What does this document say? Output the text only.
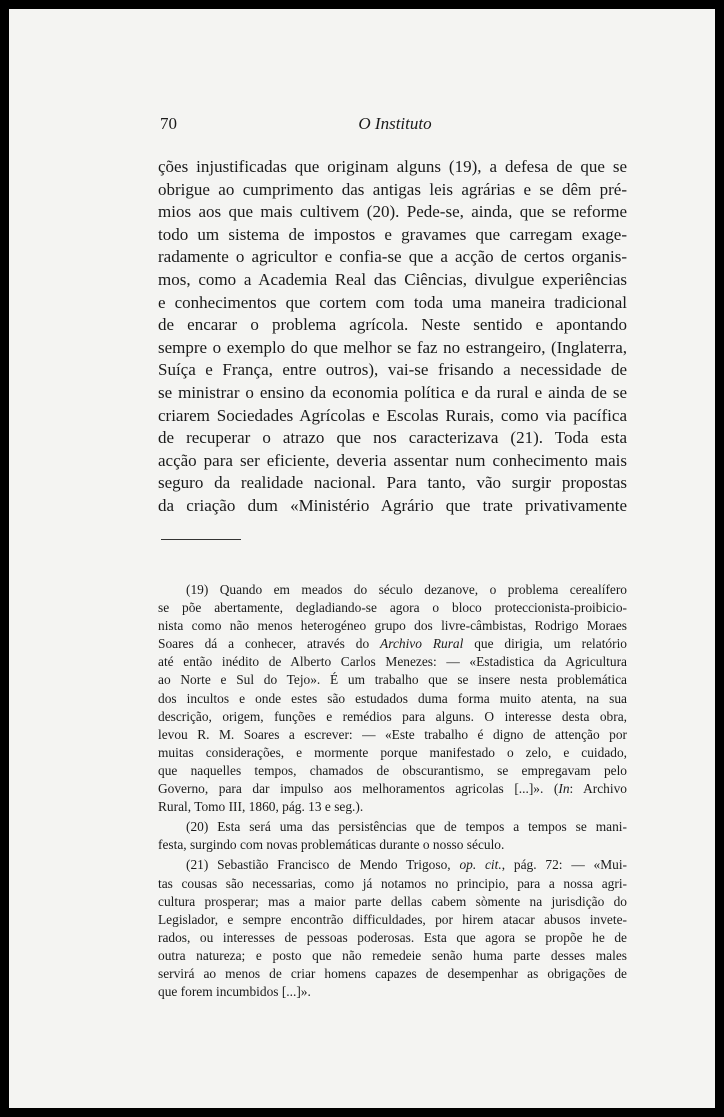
70	O Instituto
ções injustificadas que originam alguns (19), a defesa de que se
obrigue ao cumprimento das antigas leis agrárias e se dêm pré-
mios aos que mais cultivem (20). Pede-se, ainda, que se reforme
todo um sistema de impostos e gravames que carregam exage-
radamente o agricultor e confia-se que a acção de certos organis-
mos, como a Academia Real das Ciências, divulgue experiências
e conhecimentos que cortem com toda uma maneira tradicional
de encarar o problema agrícola. Neste sentido e apontando
sempre o exemplo do que melhor se faz no estrangeiro, (Inglaterra,
Suíça e França, entre outros), vai-se frisando a necessidade de
se ministrar o ensino da economia política e da rural e ainda de se
criarem Sociedades Agrícolas e Escolas Rurais, como via pacífica
de recuperar o atrazo que nos caracterizava (21). Toda esta
acção para ser eficiente, deveria assentar num conhecimento mais
seguro da realidade nacional. Para tanto, vão surgir propostas
da criação dum «Ministério Agrário que trate privativamente
(19) Quando em meados do século dezanove, o problema cerealífero
se põe abertamente, degladiando-se agora o bloco proteccionista-proibicio-
nista como não menos heterogéneo grupo dos livre-câmbistas, Rodrigo Moraes
Soares dá a conhecer, através do Archivo Rural que dirigia, um relatório
até então inédito de Alberto Carlos Menezes: — «Estadistica da Agricultura
ao Norte e Sul do Tejo». É um trabalho que se insere nesta problemática
dos incultos e onde estes são estudados duma forma muito atenta, na sua
descrição, origem, funções e remédios para alguns. O interesse desta obra,
levou R. M. Soares a escrever: — «Este trabalho é digno de attenção por
muitas considerações, e mormente porque manifestado o zelo, e cuidado,
que naquelles tempos, chamados de obscurantismo, se empregavam pelo
Governo, para dar impulso aos melhoramentos agricolas [...]». (In: Archivo
Rural, Tomo III, 1860, pág. 13 e seg.).
(20) Esta será uma das persistências que de tempos a tempos se mani-
festa, surgindo com novas problemáticas durante o nosso século.
(21) Sebastião Francisco de Mendo Trigoso, op. cit., pág. 72: — «Mui-
tas cousas são necessarias, como já notamos no principio, para a nossa agri-
cultura prosperar; mas a maior parte dellas cabem sòmente na jurisdição do
Legislador, e sempre encontrão difficuldades, por hirem atacar abusos invete-
rados, ou interesses de pessoas poderosas. Esta que agora se propõe he de
outra natureza; e posto que não remedeie senão huma parte desses males
servirá ao menos de criar homens capazes de desempenhar as obrigações de
que forem incumbidos [...]».
